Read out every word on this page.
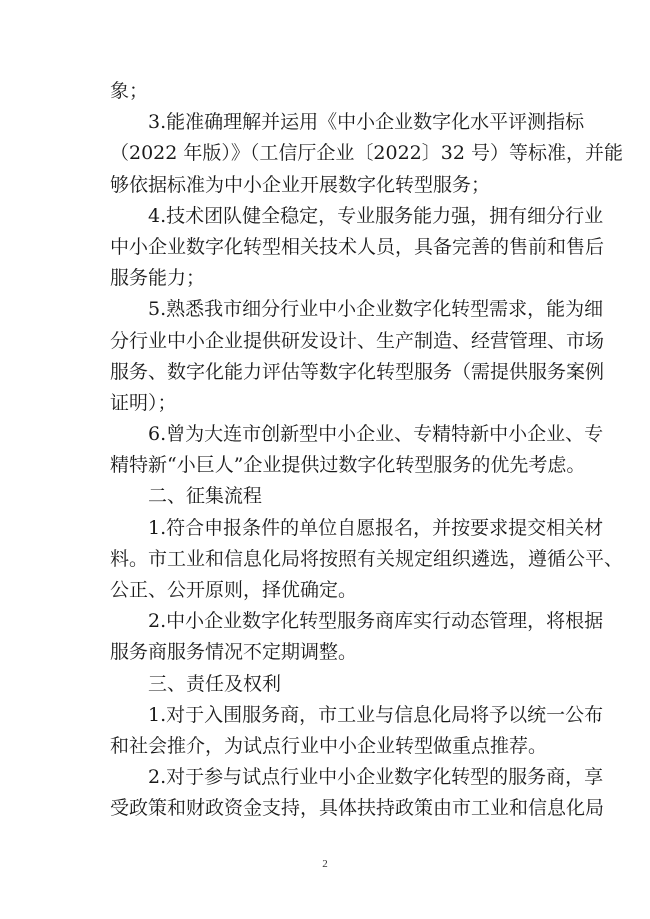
象；
3.能准确理解并运用《中小企业数字化水平评测指标
（2022 年版）》（工信厅企业〔2022〕32 号）等标准，并能
够依据标准为中小企业开展数字化转型服务；
4.技术团队健全稳定，专业服务能力强，拥有细分行业
中小企业数字化转型相关技术人员，具备完善的售前和售后
服务能力；
5.熟悉我市细分行业中小企业数字化转型需求，能为细
分行业中小企业提供研发设计、生产制造、经营管理、市场
服务、数字化能力评估等数字化转型服务（需提供服务案例
证明）；
6.曾为大连市创新型中小企业、专精特新中小企业、专
精特新“小巨人”企业提供过数字化转型服务的优先考虑。
二、征集流程
1.符合申报条件的单位自愿报名，并按要求提交相关材
料。市工业和信息化局将按照有关规定组织遴选，遵循公平、
公正、公开原则，择优确定。
2.中小企业数字化转型服务商库实行动态管理，将根据
服务商服务情况不定期调整。
三、责任及权利
1.对于入围服务商，市工业与信息化局将予以统一公布
和社会推介，为试点行业中小企业转型做重点推荐。
2.对于参与试点行业中小企业数字化转型的服务商，享
受政策和财政资金支持，具体扶持政策由市工业和信息化局
2
